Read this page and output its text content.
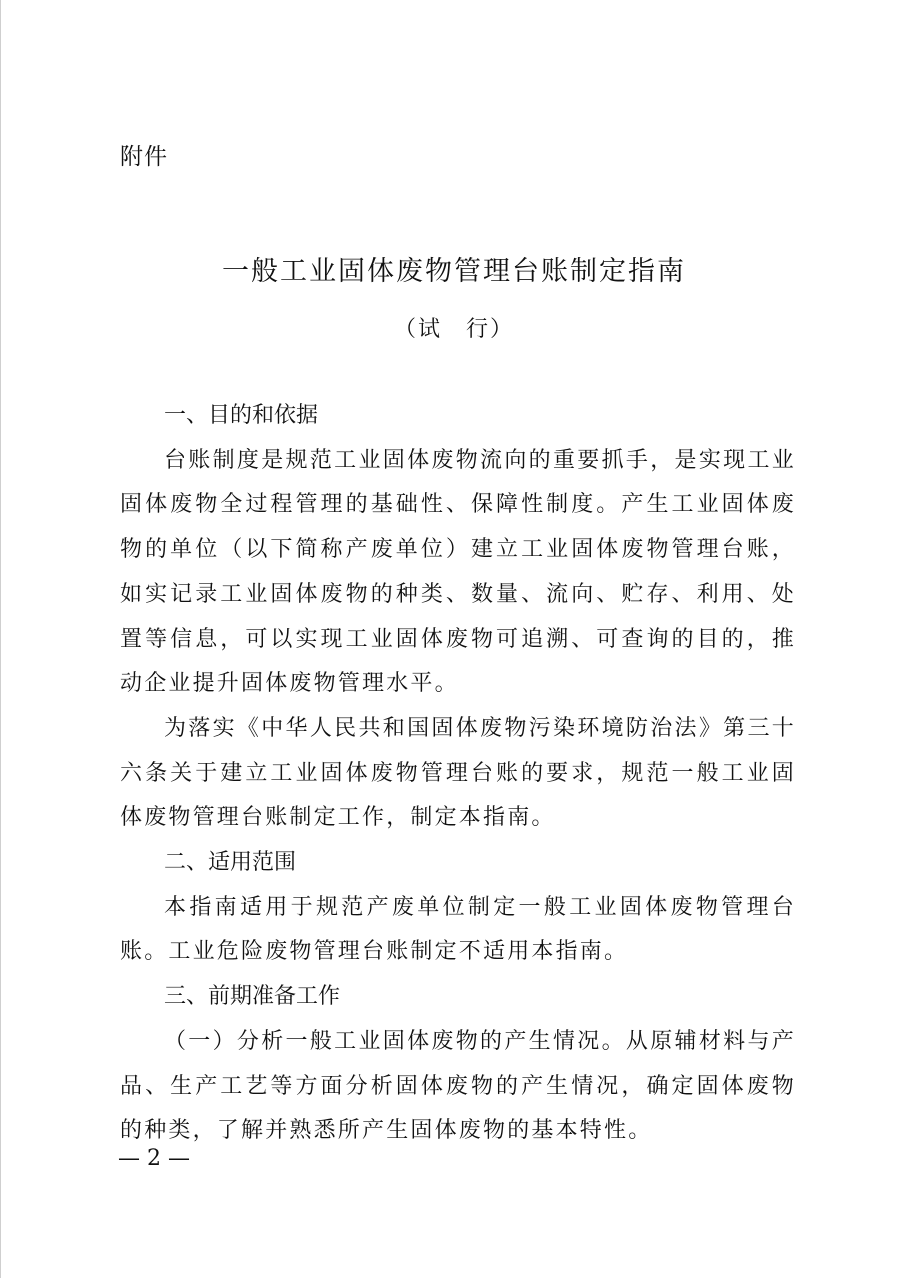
附件

一般工业固体废物管理台账制定指南

（试　行）

一、目的和依据

台账制度是规范工业固体废物流向的重要抓手，是实现工业固体废物全过程管理的基础性、保障性制度。产生工业固体废物的单位（以下简称产废单位）建立工业固体废物管理台账，如实记录工业固体废物的种类、数量、流向、贮存、利用、处置等信息，可以实现工业固体废物可追溯、可查询的目的，推动企业提升固体废物管理水平。

为落实《中华人民共和国固体废物污染环境防治法》第三十六条关于建立工业固体废物管理台账的要求，规范一般工业固体废物管理台账制定工作，制定本指南。

二、适用范围

本指南适用于规范产废单位制定一般工业固体废物管理台账。工业危险废物管理台账制定不适用本指南。

三、前期准备工作

（一）分析一般工业固体废物的产生情况。从原辅材料与产品、生产工艺等方面分析固体废物的产生情况，确定固体废物的种类，了解并熟悉所产生固体废物的基本特性。

— 2 —
